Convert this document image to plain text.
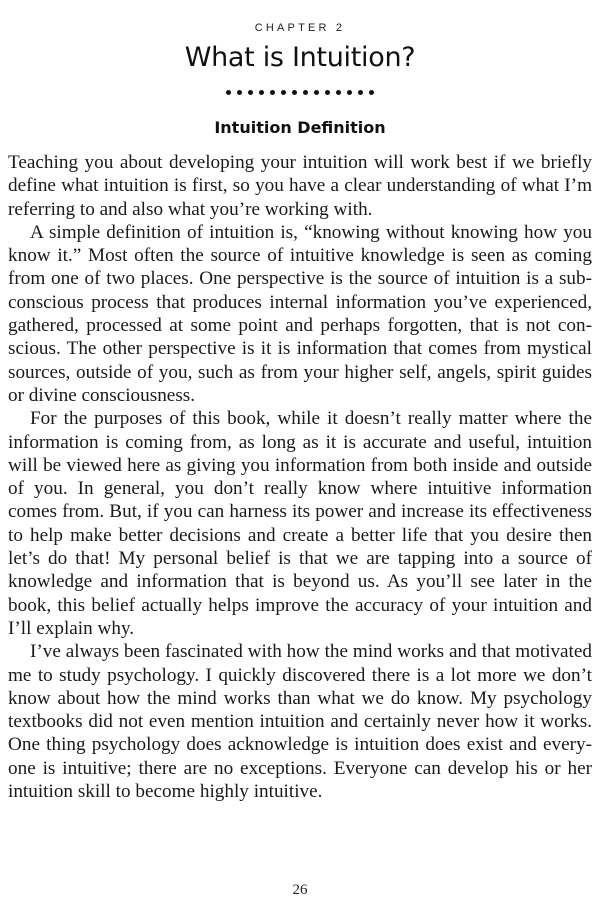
CHAPTER 2
What is Intuition?
Intuition Definition

Teaching you about developing your intuition will work best if we briefly define what intuition is first, so you have a clear understanding of what I’m referring to and also what you’re working with.

A simple definition of intuition is, “knowing without knowing how you know it.” Most often the source of intuitive knowledge is seen as coming from one of two places. One perspective is the source of intuition is a subconscious process that produces internal information you’ve experienced, gathered, processed at some point and perhaps forgotten, that is not conscious. The other perspective is it is information that comes from mystical sources, outside of you, such as from your higher self, angels, spirit guides or divine consciousness.

For the purposes of this book, while it doesn’t really matter where the information is coming from, as long as it is accurate and useful, intuition will be viewed here as giving you information from both inside and outside of you. In general, you don’t really know where intuitive information comes from. But, if you can harness its power and increase its effectiveness to help make better decisions and create a better life that you desire then let’s do that! My personal belief is that we are tapping into a source of knowledge and information that is beyond us. As you’ll see later in the book, this belief actually helps improve the accuracy of your intuition and I’ll explain why.

I’ve always been fascinated with how the mind works and that motivated me to study psychology. I quickly discovered there is a lot more we don’t know about how the mind works than what we do know. My psychology textbooks did not even mention intuition and certainly never how it works. One thing psychology does acknowledge is intuition does exist and everyone is intuitive; there are no exceptions. Everyone can develop his or her intuition skill to become highly intuitive.

26
